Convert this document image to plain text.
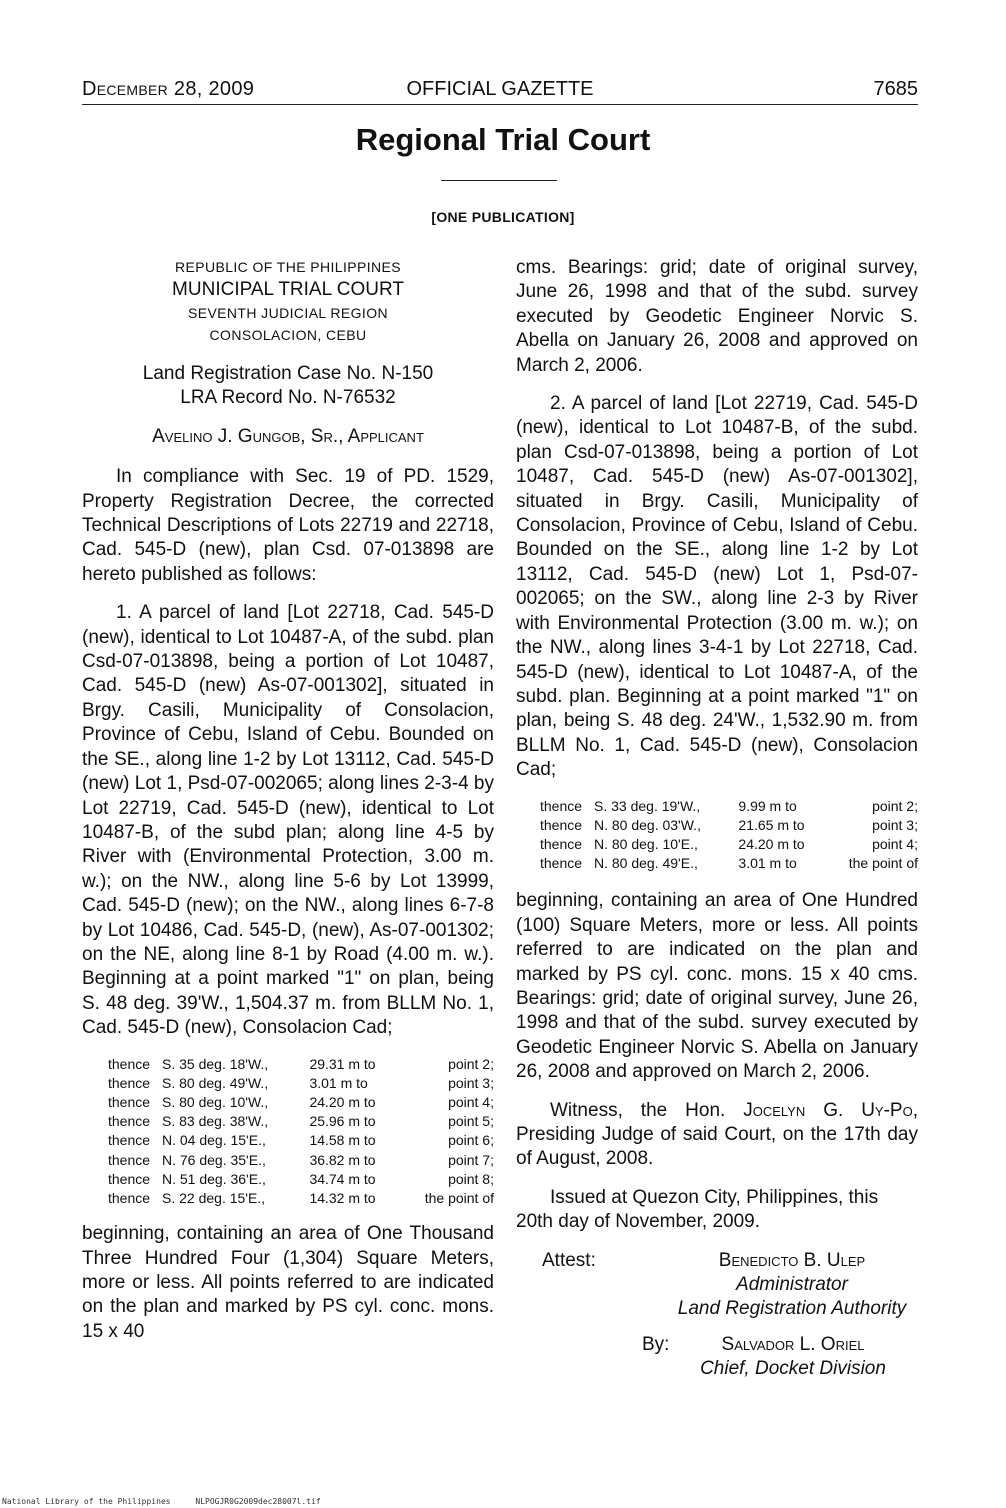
December 28, 2009	OFFICIAL GAZETTE	7685
Regional Trial Court
[ONE PUBLICATION]
REPUBLIC OF THE PHILIPPINES
MUNICIPAL TRIAL COURT
SEVENTH JUDICIAL REGION
CONSOLACION, CEBU
Land Registration Case No. N-150
LRA Record No. N-76532
Avelino J. Gungob, Sr., Applicant

In compliance with Sec. 19 of PD. 1529, Property Registration Decree, the corrected Technical Descriptions of Lots 22719 and 22718, Cad. 545-D (new), plan Csd. 07-013898 are hereto published as follows:

1. A parcel of land [Lot 22718, Cad. 545-D (new), identical to Lot 10487-A, of the subd. plan Csd-07-013898, being a portion of Lot 10487, Cad. 545-D (new) As-07-001302], situated in Brgy. Casili, Municipality of Consolacion, Province of Cebu, Island of Cebu. Bounded on the SE., along line 1-2 by Lot 13112, Cad. 545-D (new) Lot 1, Psd-07-002065; along lines 2-3-4 by Lot 22719, Cad. 545-D (new), identical to Lot 10487-B, of the subd plan; along line 4-5 by River with (Environmental Protection, 3.00 m. w.); on the NW., along line 5-6 by Lot 13999, Cad. 545-D (new); on the NW., along lines 6-7-8 by Lot 10486, Cad. 545-D, (new), As-07-001302; on the NE, along line 8-1 by Road (4.00 m. w.). Beginning at a point marked "1" on plan, being S. 48 deg. 39'W., 1,504.37 m. from BLLM No. 1, Cad. 545-D (new), Consolacion Cad;

thence	S. 35 deg. 18'W.,	29.31 m to	point 2;
thence	S. 80 deg. 49'W.,	3.01 m to	point 3;
thence	S. 80 deg. 10'W.,	24.20 m to	point 4;
thence	S. 83 deg. 38'W.,	25.96 m to	point 5;
thence	N. 04 deg. 15'E.,	14.58 m to	point 6;
thence	N. 76 deg. 35'E.,	36.82 m to	point 7;
thence	N. 51 deg. 36'E.,	34.74 m to	point 8;
thence	S. 22 deg. 15'E.,	14.32 m to	the point of

beginning, containing an area of One Thousand Three Hundred Four (1,304) Square Meters, more or less. All points referred to are indicated on the plan and marked by PS cyl. conc. mons. 15 x 40

cms. Bearings: grid; date of original survey, June 26, 1998 and that of the subd. survey executed by Geodetic Engineer Norvic S. Abella on January 26, 2008 and approved on March 2, 2006.

2. A parcel of land [Lot 22719, Cad. 545-D (new), identical to Lot 10487-B, of the subd. plan Csd-07-013898, being a portion of Lot 10487, Cad. 545-D (new) As-07-001302], situated in Brgy. Casili, Municipality of Consolacion, Province of Cebu, Island of Cebu. Bounded on the SE., along line 1-2 by Lot 13112, Cad. 545-D (new) Lot 1, Psd-07-002065; on the SW., along line 2-3 by River with Environmental Protection (3.00 m. w.); on the NW., along lines 3-4-1 by Lot 22718, Cad. 545-D (new), identical to Lot 10487-A, of the subd. plan. Beginning at a point marked "1" on plan, being S. 48 deg. 24'W., 1,532.90 m. from BLLM No. 1, Cad. 545-D (new), Consolacion Cad;

thence	S. 33 deg. 19'W.,	9.99 m to	point 2;
thence	N. 80 deg. 03'W.,	21.65 m to	point 3;
thence	N. 80 deg. 10'E.,	24.20 m to	point 4;
thence	N. 80 deg. 49'E.,	3.01 m to	the point of

beginning, containing an area of One Hundred (100) Square Meters, more or less. All points referred to are indicated on the plan and marked by PS cyl. conc. mons. 15 x 40 cms. Bearings: grid; date of original survey, June 26, 1998 and that of the subd. survey executed by Geodetic Engineer Norvic S. Abella on January 26, 2008 and approved on March 2, 2006.

Witness, the Hon. Jocelyn G. Uy-Po, Presiding Judge of said Court, on the 17th day of August, 2008.

Issued at Quezon City, Philippines, this 20th day of November, 2009.

Attest:	Benedicto B. Ulep
Administrator
Land Registration Authority
By:	Salvador L. Oriel
Chief, Docket Division
National Library of the Philippines	NLPOGJR0G2009dec28007l.tif
